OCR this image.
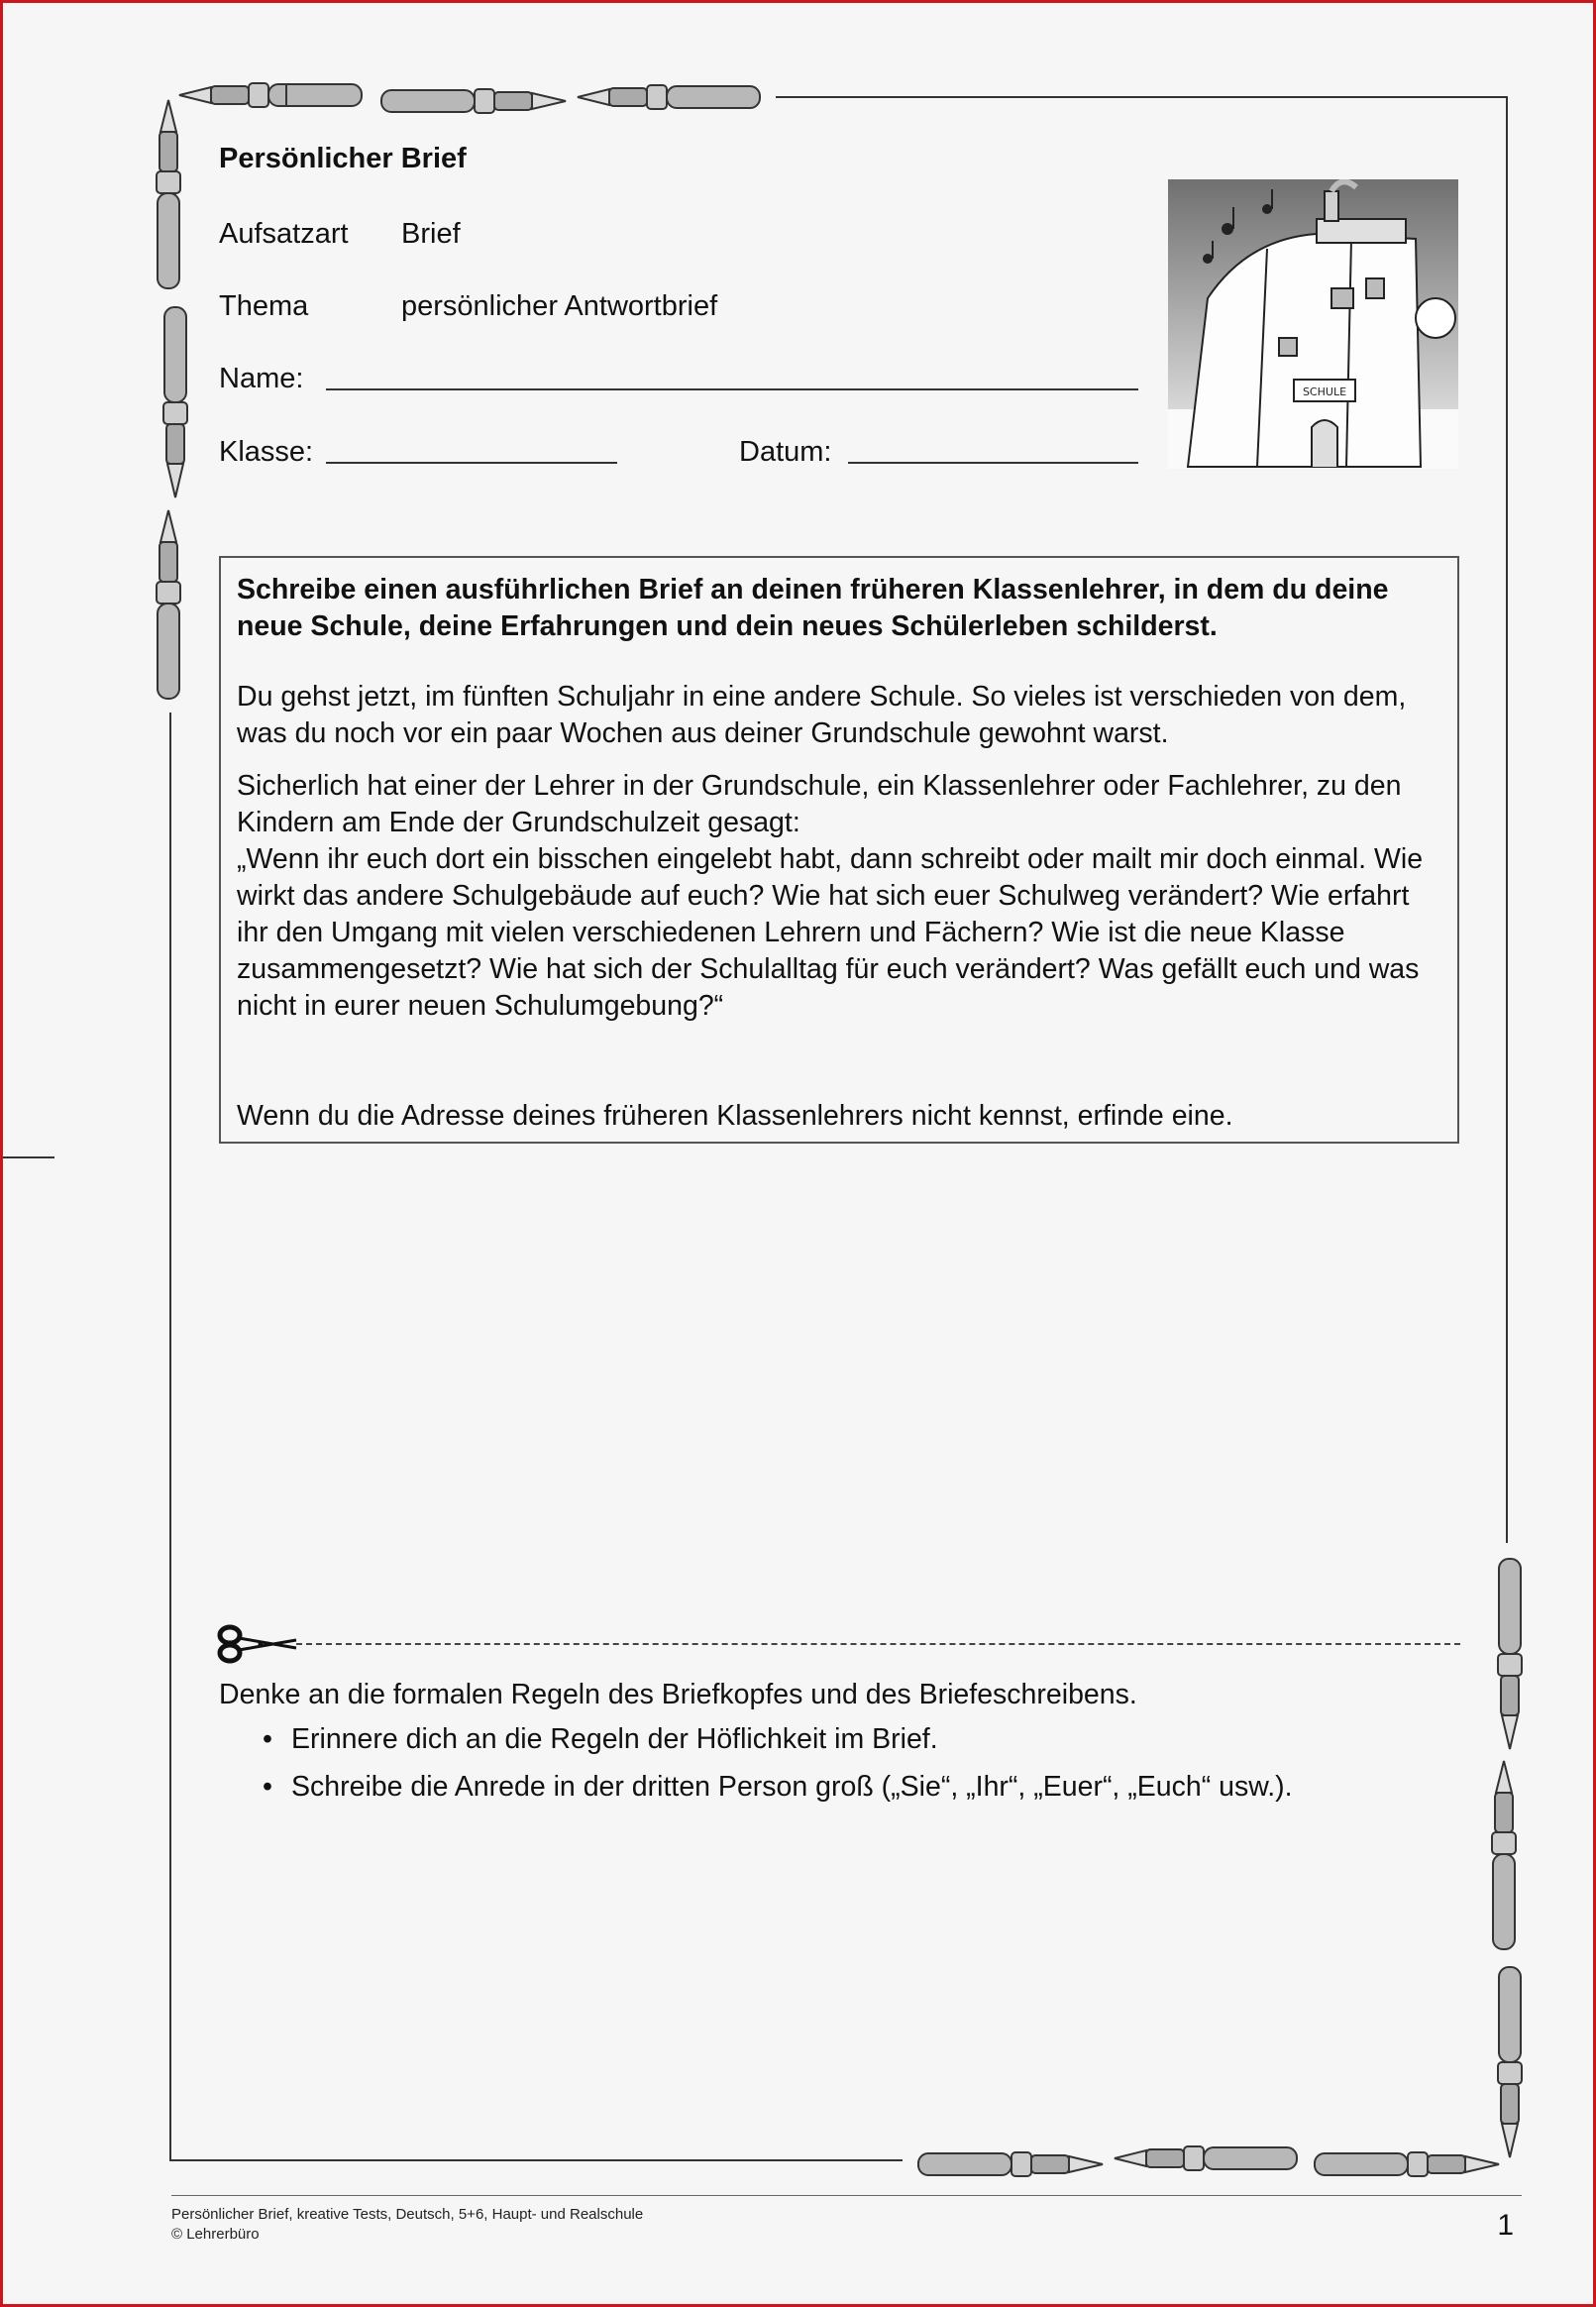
Persönlicher Brief
Aufsatzart Brief
Thema	persönlicher Antwortbrief
Name:
Klasse:	Datum:
SCHULE

Schreibe einen ausführlichen Brief an deinen früheren Klassenlehrer, in dem du deine neue Schule, deine Erfahrungen und dein neues Schülerleben schilderst.

Du gehst jetzt, im fünften Schuljahr in eine andere Schule. So vieles ist verschieden von dem, was du noch vor ein paar Wochen aus deiner Grundschule gewohnt warst.

Sicherlich hat einer der Lehrer in der Grundschule, ein Klassenlehrer oder Fachlehrer, zu den Kindern am Ende der Grundschulzeit gesagt:

„Wenn ihr euch dort ein bisschen eingelebt habt, dann schreibt oder mailt mir doch einmal. Wie wirkt das andere Schulgebäude auf euch? Wie hat sich euer Schulweg verändert? Wie erfahrt ihr den Umgang mit vielen verschiedenen Lehrern und Fächern? Wie ist die neue Klasse zusammengesetzt? Wie hat sich der Schulalltag für euch verändert? Was gefällt euch und was nicht in eurer neuen Schulumgebung?“

Wenn du die Adresse deines früheren Klassenlehrers nicht kennst, erfinde eine.

Denke an die formalen Regeln des Briefkopfes und des Briefeschreibens.
• Erinnere dich an die Regeln der Höflichkeit im Brief.
• Schreibe die Anrede in der dritten Person groß („Sie“, „Ihr“, „Euer“, „Euch“ usw.).
Persönlicher Brief, kreative Tests, Deutsch, 5+6, Haupt- und Realschule
© Lehrerbüro	1
